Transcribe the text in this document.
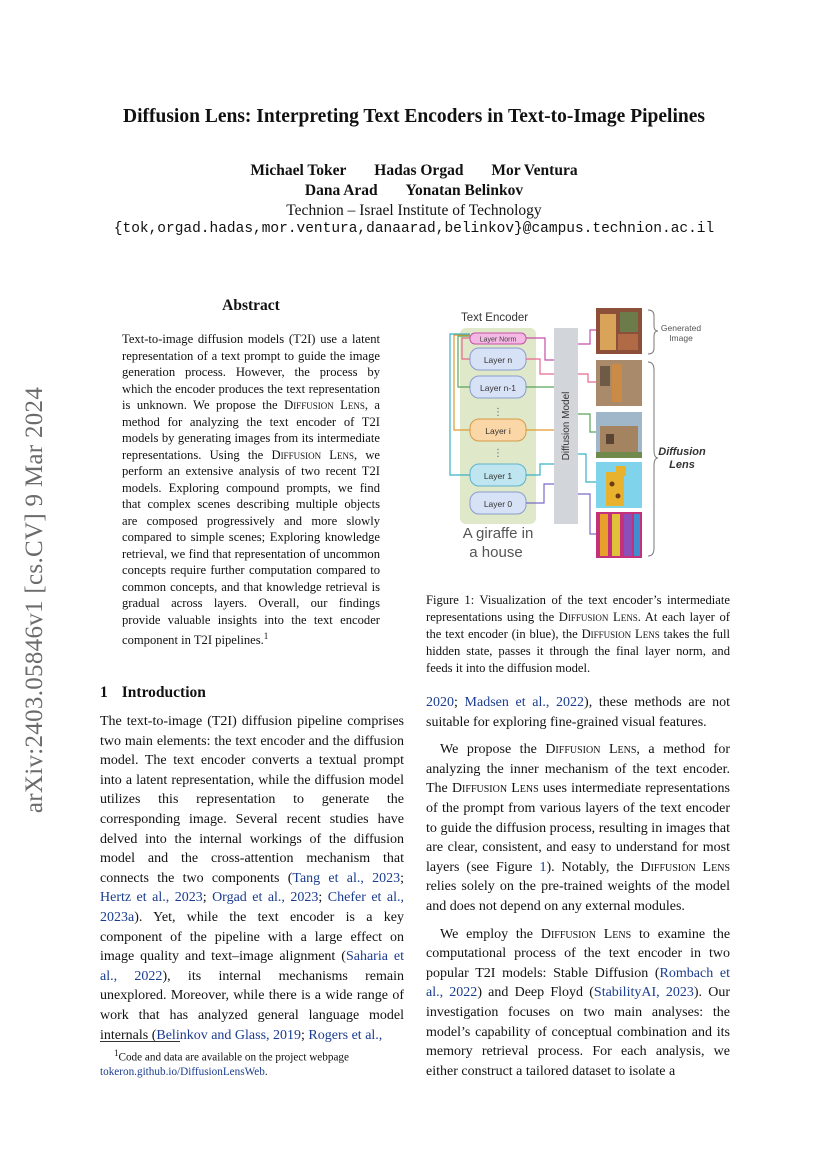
arXiv:2403.05846v1 [cs.CV] 9 Mar 2024
Diffusion Lens: Interpreting Text Encoders in Text-to-Image Pipelines
Michael Toker Hadas Orgad Mor Ventura
Dana Arad Yonatan Belinkov
Technion – Israel Institute of Technology
{tok,orgad.hadas,mor.ventura,danaarad,belinkov}@campus.technion.ac.il
Abstract
Text-to-image diffusion models (T2I) use a latent representation of a text prompt to guide the image generation process. However, the process by which the encoder produces the text representation is unknown. We propose the Diffusion Lens, a method for analyzing the text encoder of T2I models by generating images from its intermediate representations. Using the Diffusion Lens, we perform an extensive analysis of two recent T2I models. Exploring compound prompts, we find that complex scenes describing multiple objects are composed progressively and more slowly compared to simple scenes; Exploring knowledge retrieval, we find that representation of uncommon concepts require further computation compared to common concepts, and that knowledge retrieval is gradual across layers. Overall, our findings provide valuable insights into the text encoder component in T2I pipelines.$^1$
Text Encoder
Layer Norm
Layer n
Layer n-1
⋮
Layer i
⋮
Layer 1
Layer 0
A giraffe in
a house
Diffusion Model
Generated
Image
Diffusion
Lens
Figure 1: Visualization of the text encoder’s intermediate representations using the Diffusion Lens. At each layer of the text encoder (in blue), the Diffusion Lens takes the full hidden state, passes it through the final layer norm, and feeds it into the diffusion model.
1 Introduction

The text-to-image (T2I) diffusion pipeline comprises two main elements: the text encoder and the diffusion model. The text encoder converts a textual prompt into a latent representation, while the diffusion model utilizes this representation to generate the corresponding image. Several recent studies have delved into the internal workings of the diffusion model and the cross-attention mechanism that connects the two components (Tang et al., 2023; Hertz et al., 2023; Orgad et al., 2023; Chefer et al., 2023a). Yet, while the text encoder is a key component of the pipeline with a large effect on image quality and text–image alignment (Saharia et al., 2022), its internal mechanisms remain unexplored. Moreover, while there is a wide range of work that has analyzed general language model internals (Belinkov and Glass, 2019; Rogers et al.,

$^1$Code and data are available on the project webpage tokeron.github.io/DiffusionLensWeb.

2020; Madsen et al., 2022), these methods are not suitable for exploring fine-grained visual features.

We propose the Diffusion Lens, a method for analyzing the inner mechanism of the text encoder. The Diffusion Lens uses intermediate representations of the prompt from various layers of the text encoder to guide the diffusion process, resulting in images that are clear, consistent, and easy to understand for most layers (see Figure 1). Notably, the Diffusion Lens relies solely on the pre-trained weights of the model and does not depend on any external modules.

We employ the Diffusion Lens to examine the computational process of the text encoder in two popular T2I models: Stable Diffusion (Rombach et al., 2022) and Deep Floyd (StabilityAI, 2023). Our investigation focuses on two main analyses: the model’s capability of conceptual combination and its memory retrieval process. For each analysis, we either construct a tailored dataset to isolate a
